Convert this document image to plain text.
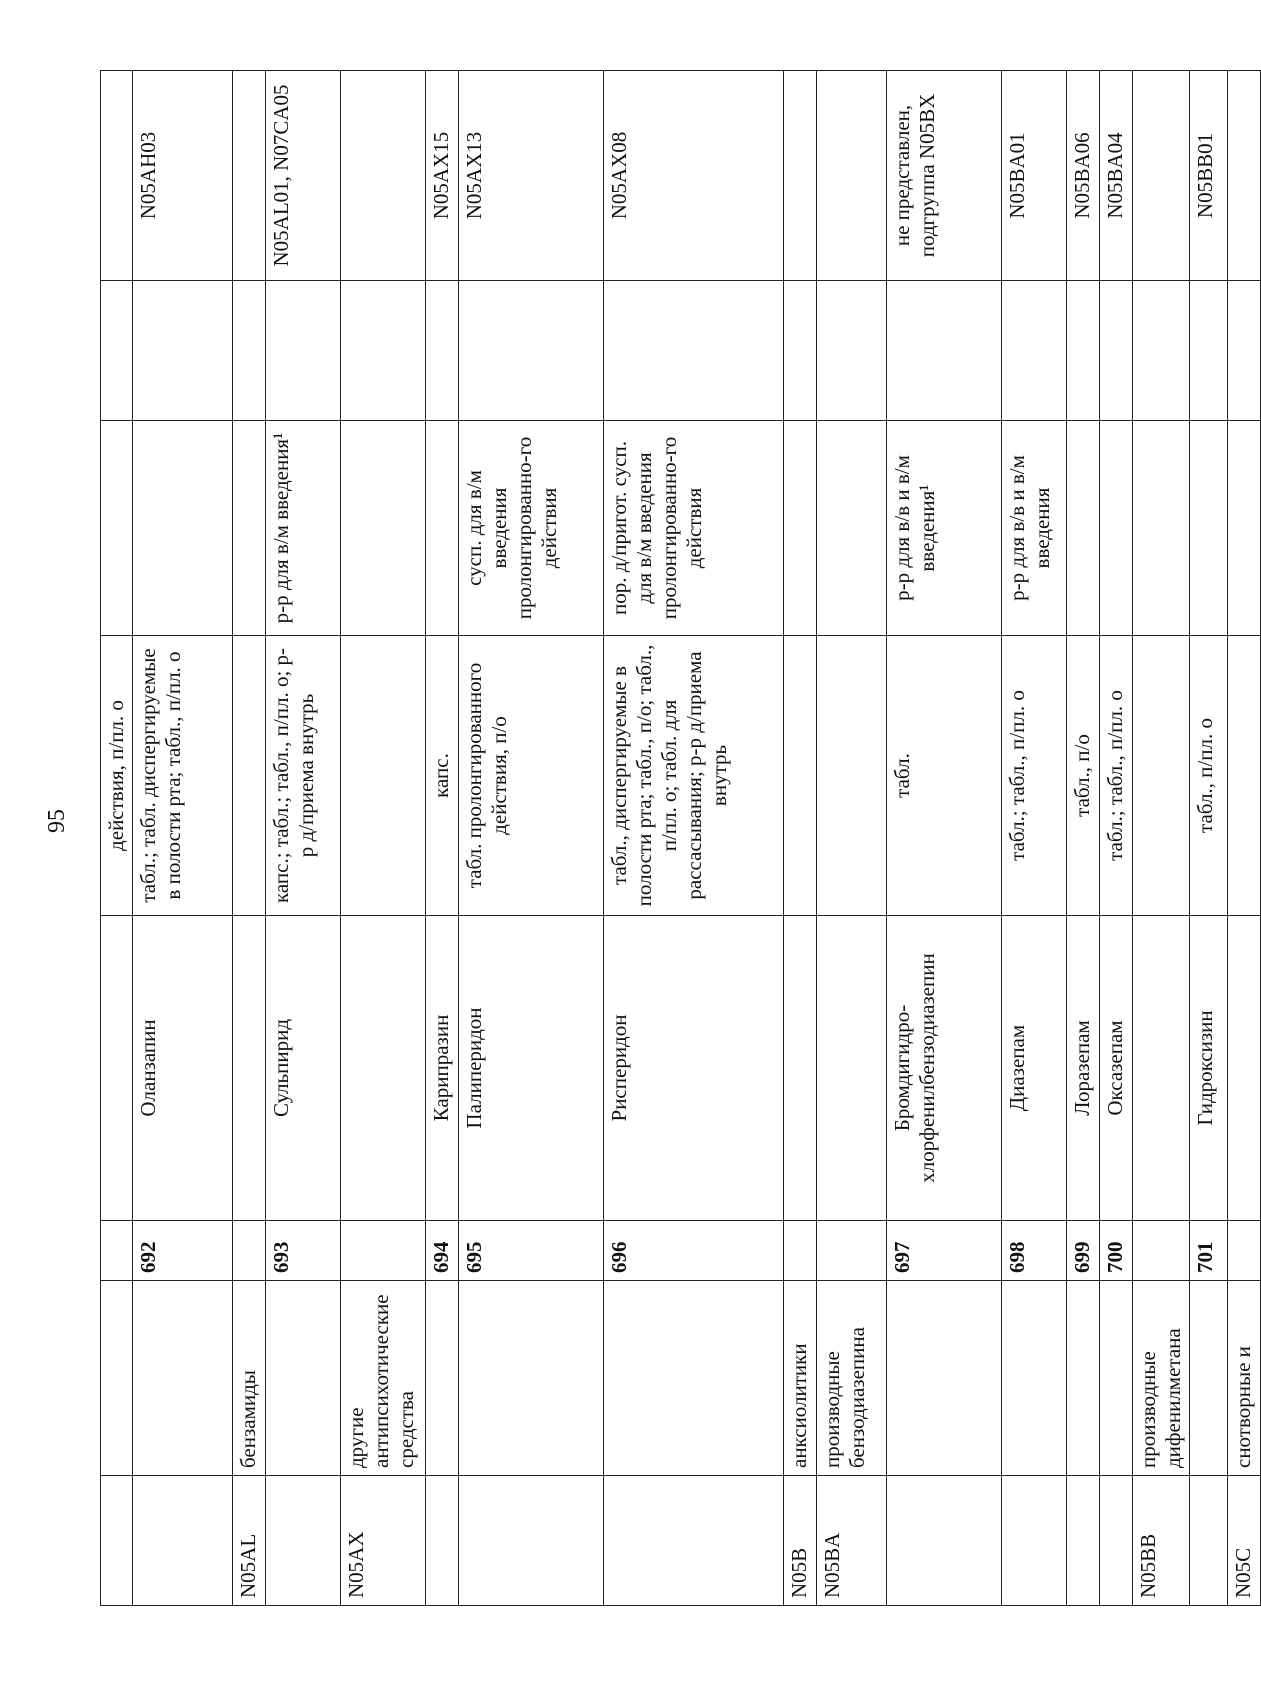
95
				действия, п/пл. о			
		692	Оланзапин	табл.; табл. диспергируемые в полости рта; табл., п/пл. о			N05AH03
N05AL	бензамиды						
		693	Сульпирид	капс.; табл.; табл., п/пл. о; р-р д/приема внутрь	р-р для в/м введения¹		N05AL01, N07CA05
N05AX	другие антипсихотические средства						
		694	Карипразин	капс.			N05AX15
		695	Палиперидон	табл. пролонгированного действия, п/о	сусп. для в/м введения пролонгированно-го действия		N05AX13
		696	Рисперидон	табл., диспергируемые в полости рта; табл., п/о; табл., п/пл. о; табл. для рассасывания; р-р д/приема внутрь	пор. д/пригот. сусп. для в/м введения пролонгированно-го действия		N05AX08
N05B	анксиолитики						
N05BA	производные бензодиазепина						
		697	Бромдигидро-хлорфенилбензодиазепин	табл.	р-р для в/в и в/м введения¹		не представлен, подгруппа N05BX
		698	Диазепам	табл.; табл., п/пл. о	р-р для в/в и в/м введения		N05BA01
		699	Лоразепам	табл., п/о			N05BA06
		700	Оксазепам	табл.; табл., п/пл. о			N05BA04
N05BB	производные дифенилметана						
		701	Гидроксизин	табл., п/пл. о			N05BB01
N05C	снотворные и						
